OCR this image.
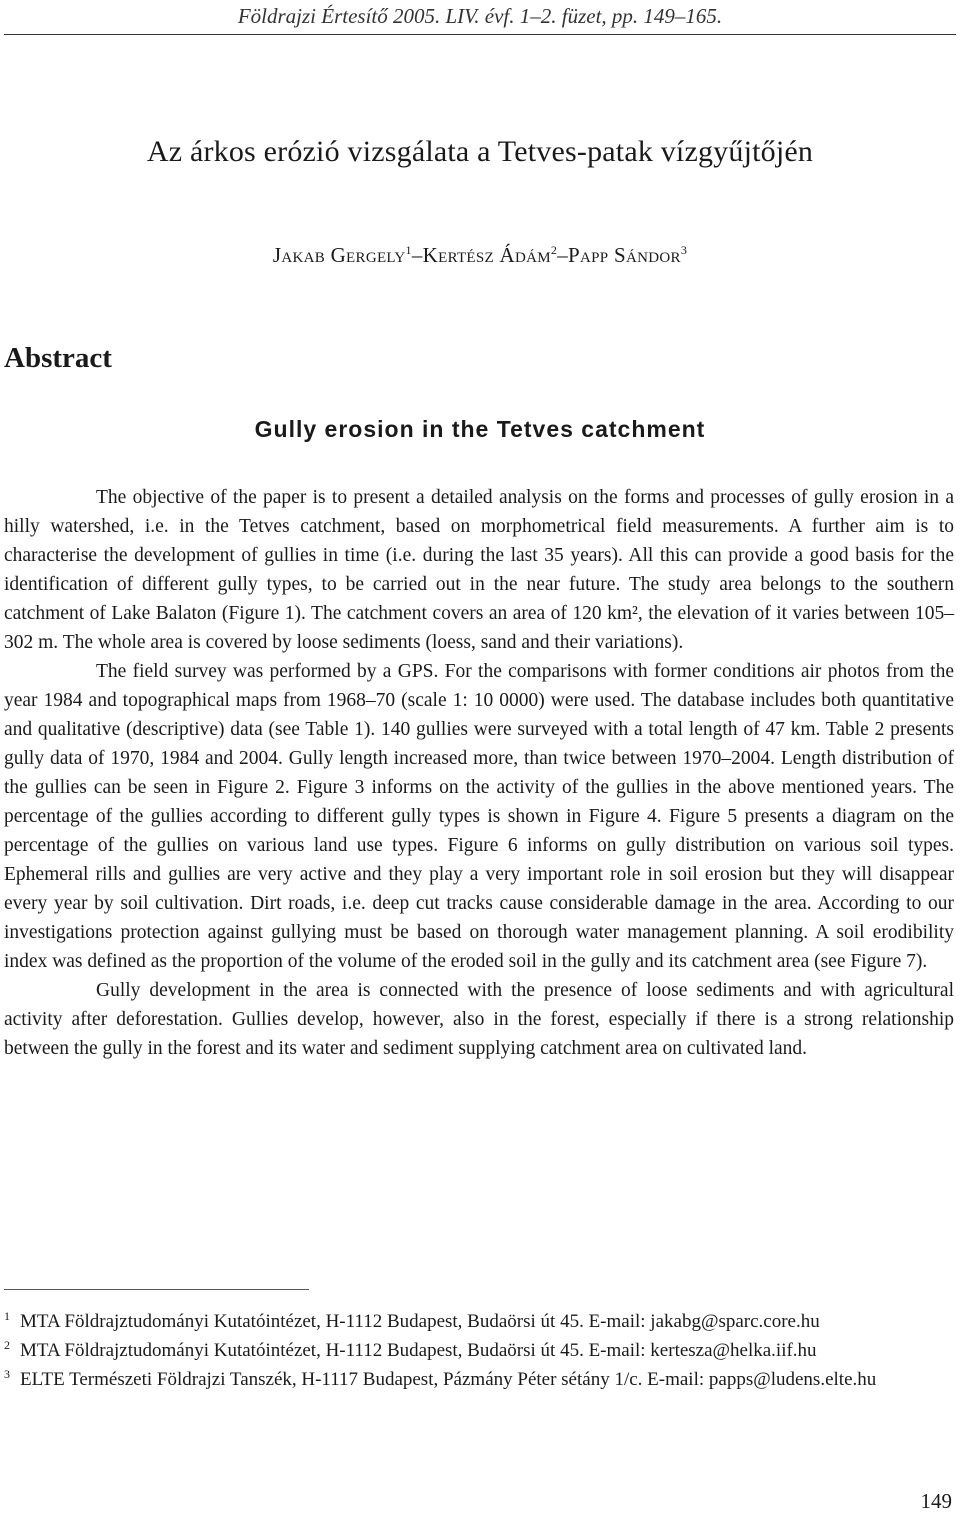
Földrajzi Értesítő 2005. LIV. évf. 1–2. füzet, pp. 149–165.
Az árkos erózió vizsgálata a Tetves-patak vízgyűjtőjén
Jakab Gergely$^1$–Kertész Ádám$^2$–Papp Sándor$^3$
Abstract
Gully erosion in the Tetves catchment

The objective of the paper is to present a detailed analysis on the forms and processes of gully erosion in a hilly watershed, i.e. in the Tetves catchment, based on morphometrical field measurements. A further aim is to characterise the development of gullies in time (i.e. during the last 35 years). All this can provide a good basis for the identification of different gully types, to be carried out in the near future. The study area belongs to the southern catchment of Lake Balaton (Figure 1). The catchment covers an area of 120 km², the elevation of it varies between 105–302 m. The whole area is covered by loose sediments (loess, sand and their variations).

The field survey was performed by a GPS. For the comparisons with former conditions air photos from the year 1984 and topographical maps from 1968–70 (scale 1: 10 0000) were used. The database includes both quantitative and qualitative (descriptive) data (see Table 1). 140 gullies were surveyed with a total length of 47 km. Table 2 presents gully data of 1970, 1984 and 2004. Gully length increased more, than twice between 1970–2004. Length distribution of the gullies can be seen in Figure 2. Figure 3 informs on the activity of the gullies in the above mentioned years. The percentage of the gullies according to different gully types is shown in Figure 4. Figure 5 presents a diagram on the percentage of the gullies on various land use types. Figure 6 informs on gully distribution on various soil types. Ephemeral rills and gullies are very active and they play a very important role in soil erosion but they will disappear every year by soil cultivation. Dirt roads, i.e. deep cut tracks cause considerable damage in the area. According to our investigations protection against gullying must be based on thorough water management planning. A soil erodibility index was defined as the proportion of the volume of the eroded soil in the gully and its catchment area (see Figure 7).

Gully development in the area is connected with the presence of loose sediments and with agricultural activity after deforestation. Gullies develop, however, also in the forest, especially if there is a strong relationship between the gully in the forest and its water and sediment supplying catchment area on cultivated land.

1 MTA Földrajztudományi Kutatóintézet, H-1112 Budapest, Budaörsi út 45. E-mail: jakabg@sparc.core.hu
2 MTA Földrajztudományi Kutatóintézet, H-1112 Budapest, Budaörsi út 45. E-mail: kertesza@helka.iif.hu
3 ELTE Természeti Földrajzi Tanszék, H-1117 Budapest, Pázmány Péter sétány 1/c. E-mail: papps@ludens.elte.hu
149
